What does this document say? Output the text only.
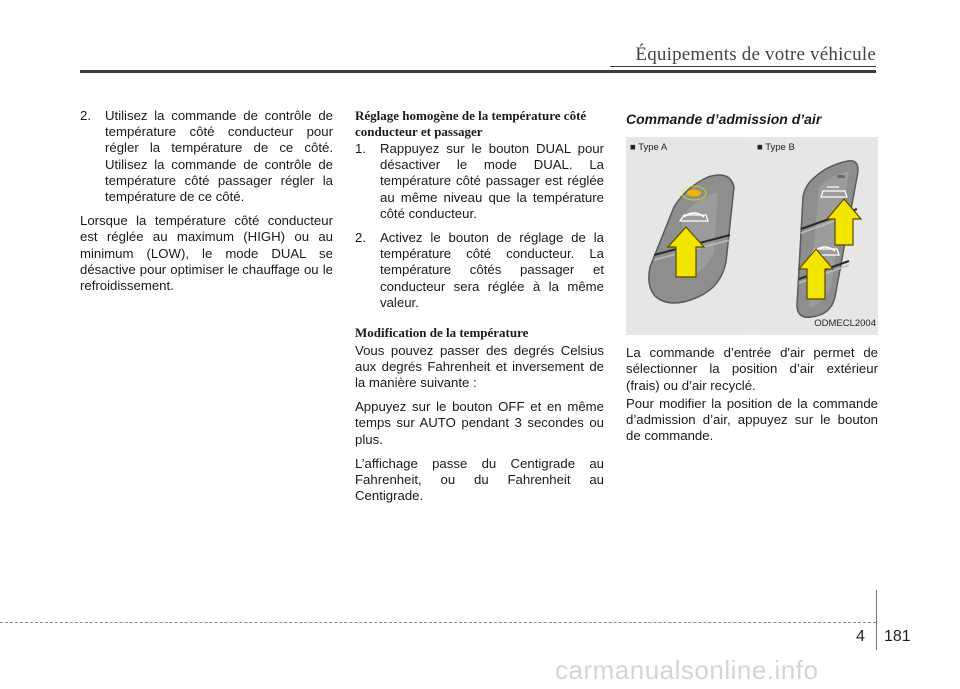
Équipements de votre véhicule
2. Utilisez la commande de contrôle de température côté conducteur pour régler la température de ce côté. Utilisez la commande de contrôle de température côté passager régler la température de ce côté.

Lorsque la température côté conducteur est réglée au maximum (HIGH) ou au minimum (LOW), le mode DUAL se désactive pour optimiser le chauffage ou le refroidissement.

Réglage homogène de la température côté conducteur et passager
1. Rappuyez sur le bouton DUAL pour désactiver le mode DUAL. La température côté passager est réglée au même niveau que la température côté conducteur.
2. Activez le bouton de réglage de la température côté conducteur. La température côtés passager et conducteur sera réglée à la même valeur.
Modification de la température

Vous pouvez passer des degrés Celsius aux degrés Fahrenheit et inversement de la manière suivante :

Appuyez sur le bouton OFF et en même temps sur AUTO pendant 3 secondes ou plus.

L’affichage passe du Centigrade au Fahrenheit, ou du Fahrenheit au Centigrade.

Commande d’admission d’air
■ Type A	■ Type B
ODMECL2004

La commande d’entrée d'air permet de sélectionner la position d’air extérieur (frais) ou d’air recyclé.

Pour modifier la position de la commande d’admission d’air, appuyez sur le bouton de commande.

4 181
carmanualsonline.info
